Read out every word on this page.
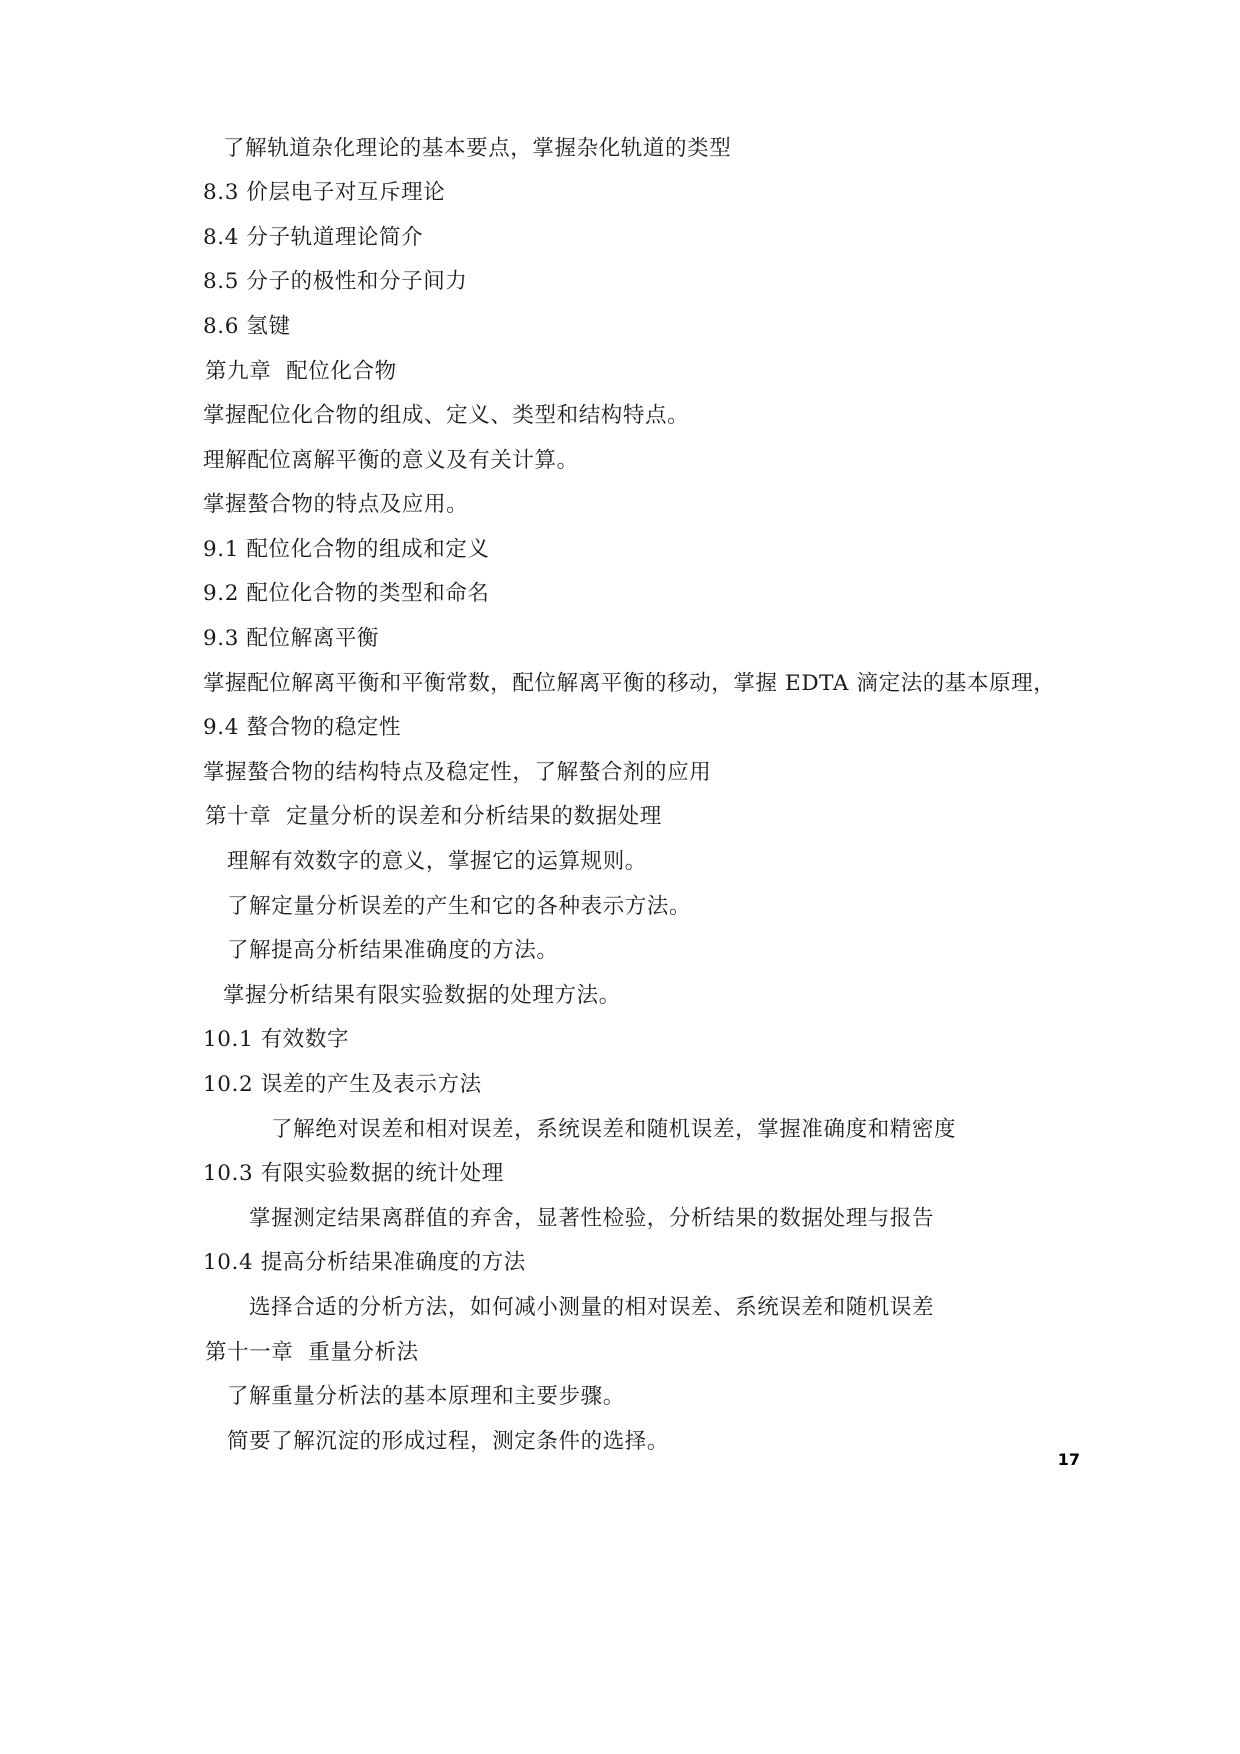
了解轨道杂化理论的基本要点，掌握杂化轨道的类型
8.3 价层电子对互斥理论
8.4 分子轨道理论简介
8.5 分子的极性和分子间力
8.6 氢键
第九章  配位化合物
掌握配位化合物的组成、定义、类型和结构特点。
理解配位离解平衡的意义及有关计算。
掌握螯合物的特点及应用。
9.1 配位化合物的组成和定义
9.2 配位化合物的类型和命名
9.3 配位解离平衡
掌握配位解离平衡和平衡常数，配位解离平衡的移动，掌握 EDTA 滴定法的基本原理，
9.4 螯合物的稳定性
掌握螯合物的结构特点及稳定性，了解螯合剂的应用
第十章  定量分析的误差和分析结果的数据处理
理解有效数字的意义，掌握它的运算规则。
了解定量分析误差的产生和它的各种表示方法。
了解提高分析结果准确度的方法。
掌握分析结果有限实验数据的处理方法。
10.1 有效数字
10.2 误差的产生及表示方法
了解绝对误差和相对误差，系统误差和随机误差，掌握准确度和精密度
10.3 有限实验数据的统计处理
掌握测定结果离群值的弃舍，显著性检验，分析结果的数据处理与报告
10.4 提高分析结果准确度的方法
选择合适的分析方法，如何减小测量的相对误差、系统误差和随机误差
第十一章  重量分析法
了解重量分析法的基本原理和主要步骤。
简要了解沉淀的形成过程，测定条件的选择。
17
